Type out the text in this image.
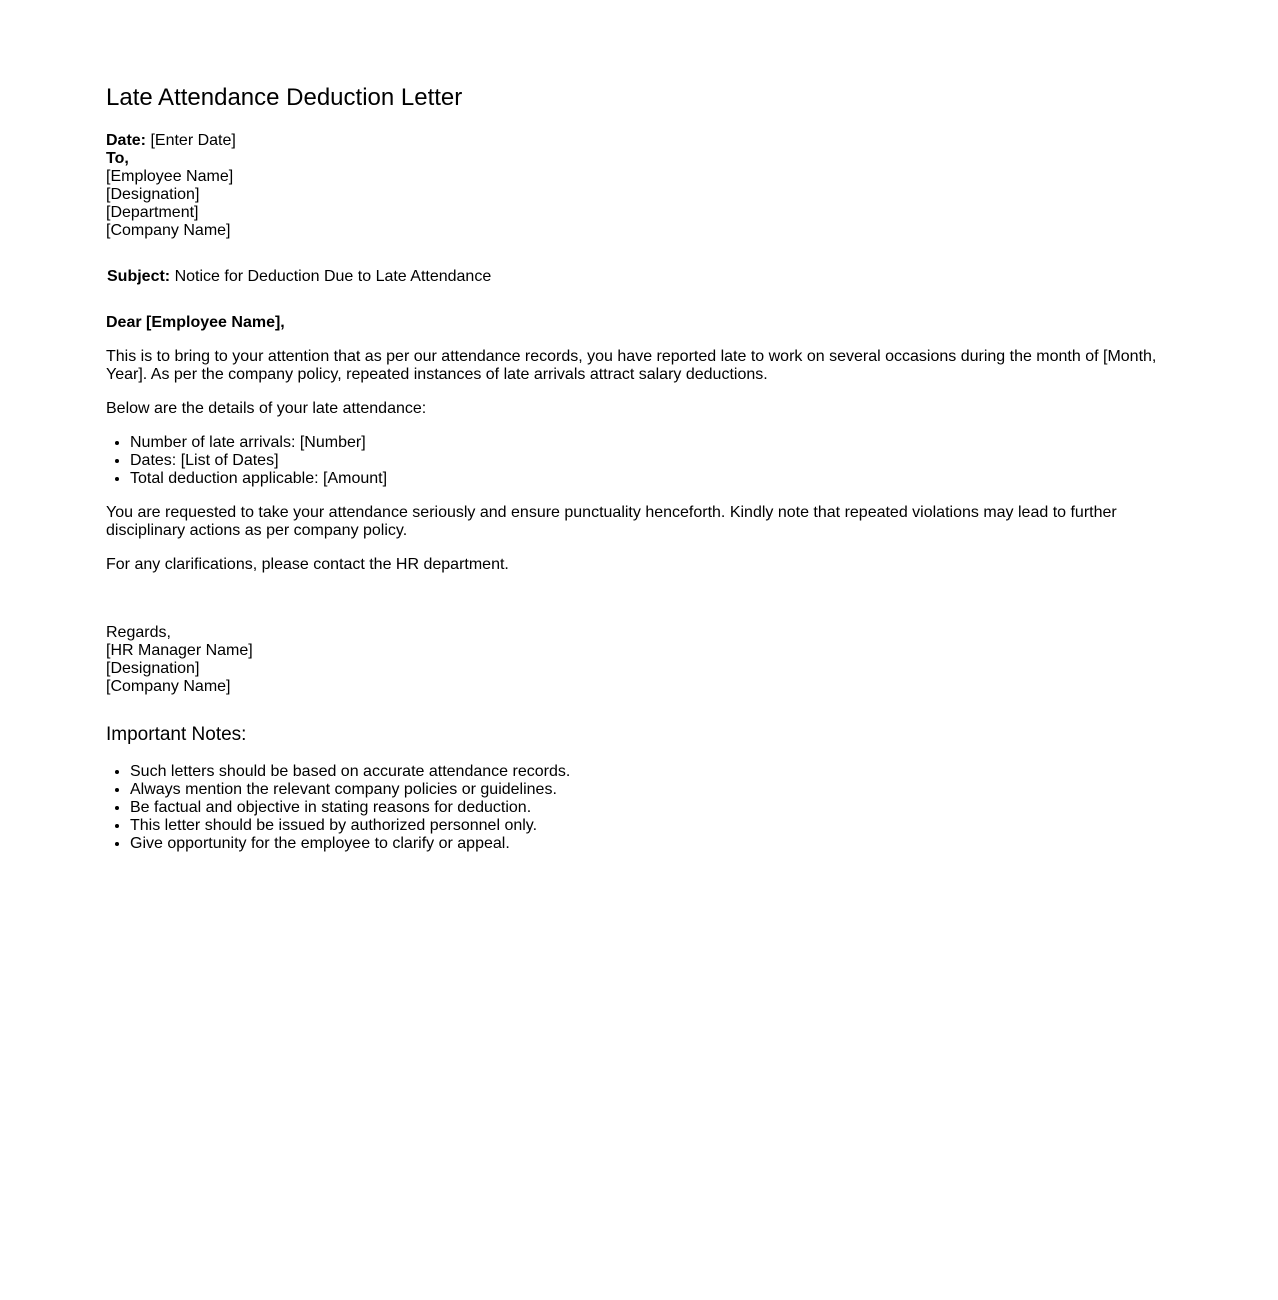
Late Attendance Deduction Letter

Date: [Enter Date]

To,

[Employee Name]

[Designation]

[Department]

[Company Name]

Subject: Notice for Deduction Due to Late Attendance

Dear [Employee Name],

This is to bring to your attention that as per our attendance records, you have reported late to work on several occasions during the month of [Month, Year]. As per the company policy, repeated instances of late arrivals attract salary deductions.

Below are the details of your late attendance:

• Number of late arrivals: [Number]
• Dates: [List of Dates]
• Total deduction applicable: [Amount]

You are requested to take your attendance seriously and ensure punctuality henceforth. Kindly note that repeated violations may lead to further disciplinary actions as per company policy.

For any clarifications, please contact the HR department.

Regards,

[HR Manager Name]

[Designation]

[Company Name]

Important Notes:
• Such letters should be based on accurate attendance records.
• Always mention the relevant company policies or guidelines.
• Be factual and objective in stating reasons for deduction.
• This letter should be issued by authorized personnel only.
• Give opportunity for the employee to clarify or appeal.
